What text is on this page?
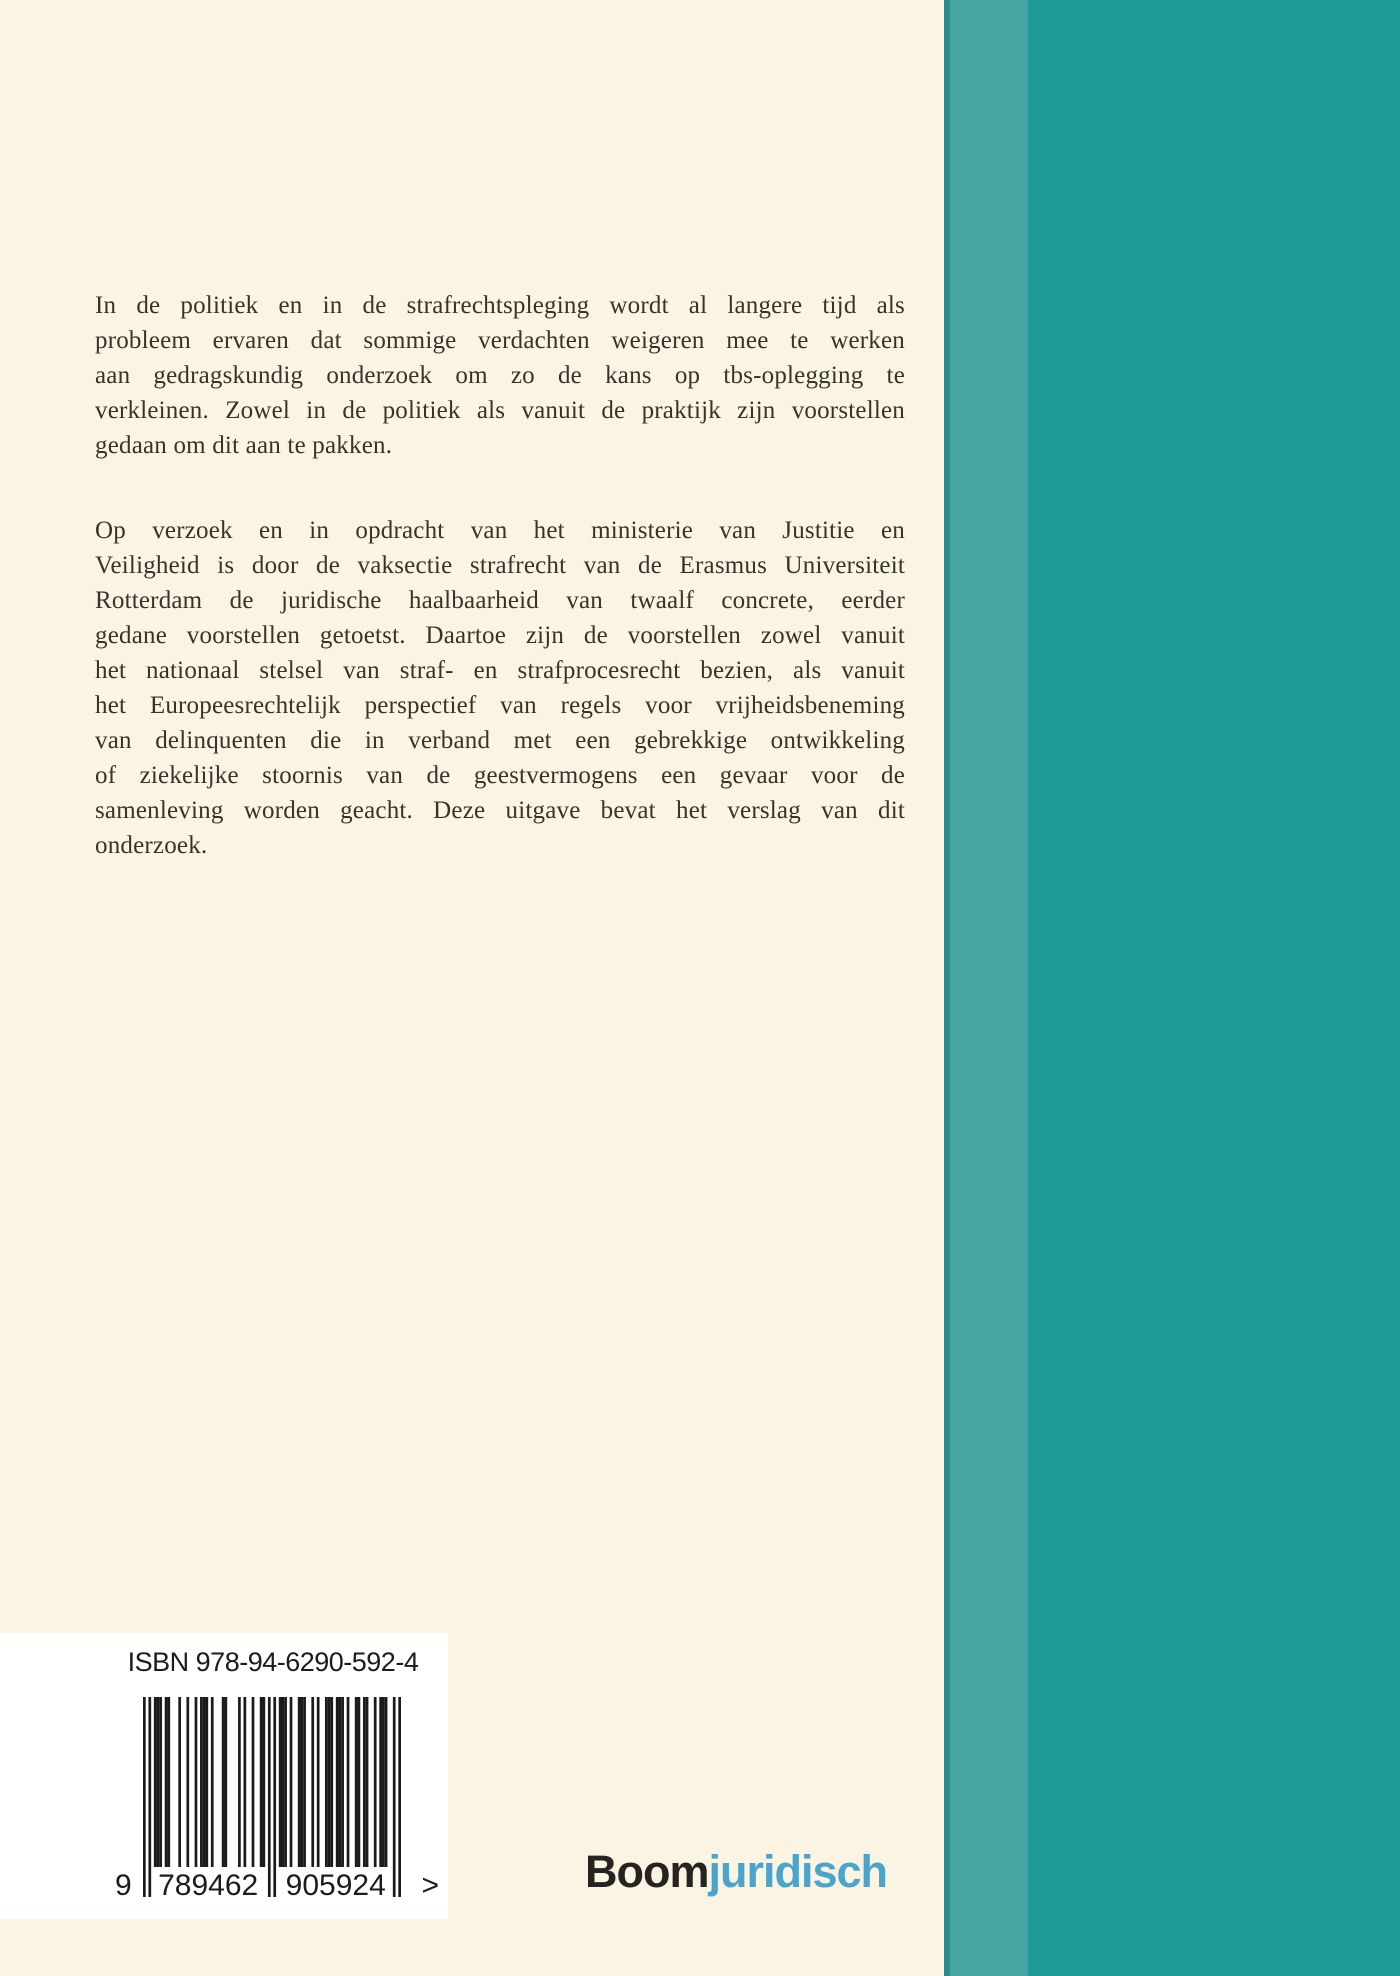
In de politiek en in de strafrechtspleging wordt al langere tijd als
probleem ervaren dat sommige verdachten weigeren mee te werken
aan gedragskundig onderzoek om zo de kans op tbs-oplegging te
verkleinen. Zowel in de politiek als vanuit de praktijk zijn voorstellen
gedaan om dit aan te pakken.
Op verzoek en in opdracht van het ministerie van Justitie en
Veiligheid is door de vaksectie strafrecht van de Erasmus Universiteit
Rotterdam de juridische haalbaarheid van twaalf concrete, eerder
gedane voorstellen getoetst. Daartoe zijn de voorstellen zowel vanuit
het nationaal stelsel van straf- en strafprocesrecht bezien, als vanuit
het Europeesrechtelijk perspectief van regels voor vrijheidsbeneming
van delinquenten die in verband met een gebrekkige ontwikkeling
of ziekelijke stoornis van de geestvermogens een gevaar voor de
samenleving worden geacht. Deze uitgave bevat het verslag van dit
onderzoek.
ISBN 978-94-6290-592-4
9 789462 905924 >	Boomjuridisch
